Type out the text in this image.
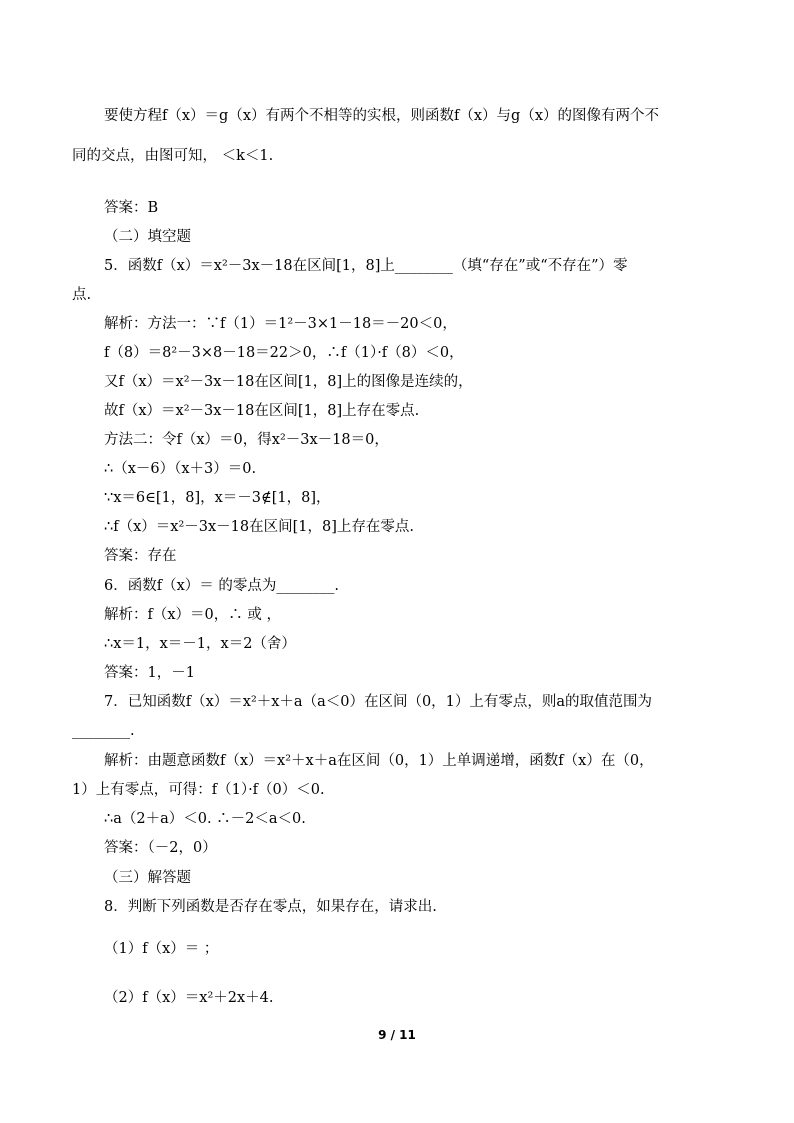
要使方程f（x）＝g（x）有两个不相等的实根，则函数f（x）与g（x）的图像有两个不
同的交点，由图可知， ＜k＜1.
答案：B
（二）填空题
5．函数f（x）＝x²－3x－18在区间[1，8]上________（填“存在”或“不存在”）零
点.
解析：方法一：∵f（1）＝1²－3×1－18＝－20＜0，
f（8）＝8²－3×8－18＝22＞0，∴f（1）·f（8）＜0，
又f（x）＝x²－3x－18在区间[1，8]上的图像是连续的，
故f（x）＝x²－3x－18在区间[1，8]上存在零点.
方法二：令f（x）＝0，得x²－3x－18＝0，
∴（x－6）（x＋3）＝0.
∵x＝6∈[1，8]，x＝－3∉[1，8]，
∴f（x）＝x²－3x－18在区间[1，8]上存在零点.
答案：存在
6．函数f（x）＝ 的零点为________.
解析：f（x）＝0，∴ 或 ，
∴x＝1，x＝－1，x＝2（舍）
答案：1，－1
7．已知函数f（x）＝x²＋x＋a（a＜0）在区间（0，1）上有零点，则a的取值范围为
________.
解析：由题意函数f（x）＝x²＋x＋a在区间（0，1）上单调递增，函数f（x）在（0，
1）上有零点，可得：f（1）·f（0）＜0.
∴a（2＋a）＜0. ∴－2＜a＜0.
答案：（－2，0）
（三）解答题
8．判断下列函数是否存在零点，如果存在，请求出.
（1）f（x）＝ ；
（2）f（x）＝x²＋2x＋4.
9 / 11
